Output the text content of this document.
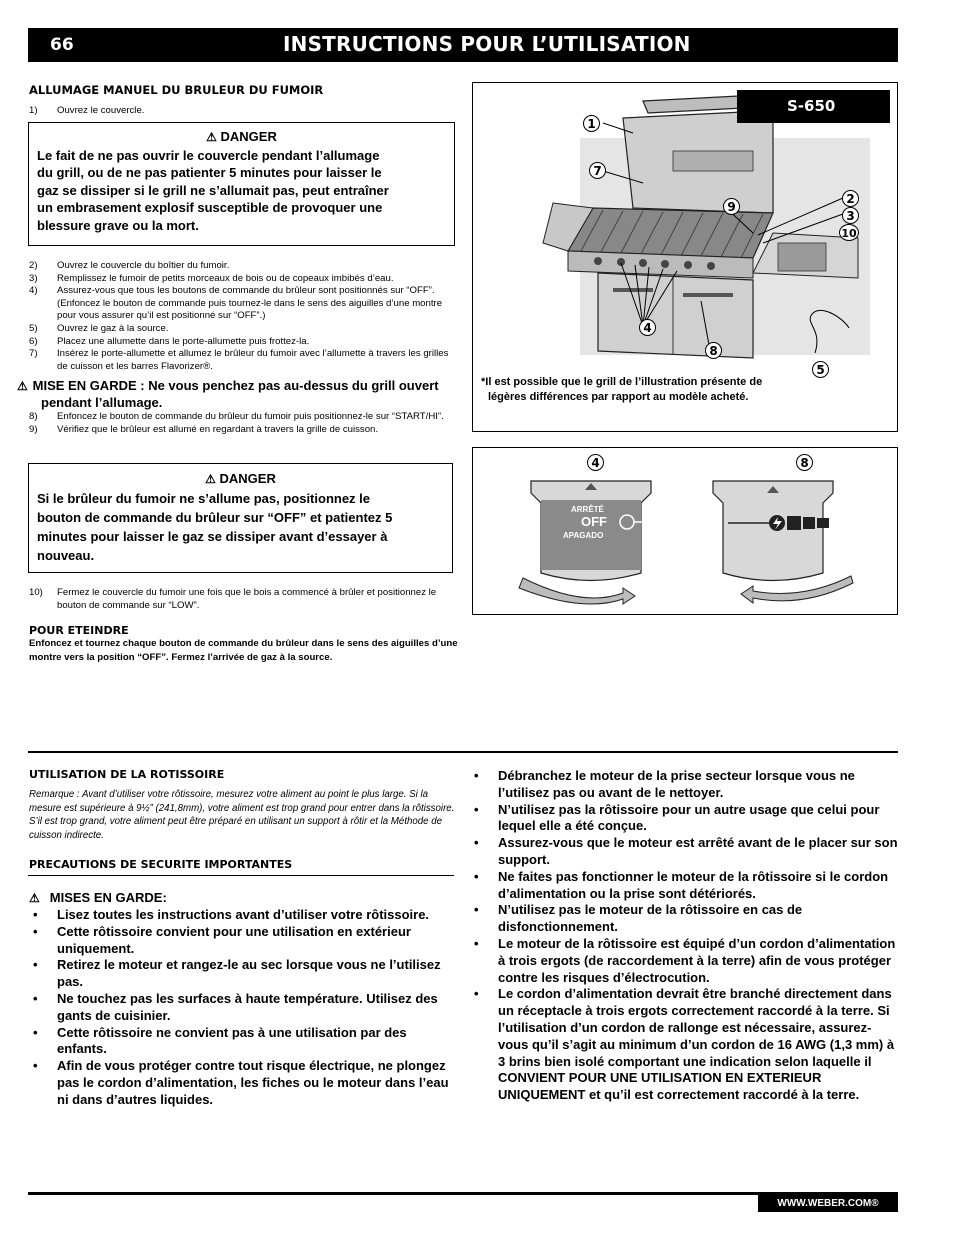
66	INSTRUCTIONS POUR L’UTILISATION
ALLUMAGE MANUEL DU BRULEUR DU FUMOIR
1) Ouvrez le couvercle.
⚠ DANGER
Le fait de ne pas ouvrir le couvercle pendant l’allumage
du grill, ou de ne pas patienter 5 minutes pour laisser le
gaz se dissiper si le grill ne s’allumait pas, peut entraîner
un embrasement explosif susceptible de provoquer une
blessure grave ou la mort.
2) Ouvrez le couvercle du boîtier du fumoir.
3) Remplissez le fumoir de petits morceaux de bois ou de copeaux imbibés d’eau.
4) Assurez-vous que tous les boutons de commande du brûleur sont positionnés sur “OFF”. (Enfoncez le bouton de commande puis tournez-le dans le sens des aiguilles d’une montre pour vous assurer qu’il est positionné sur “OFF”.)
5) Ouvrez le gaz à la source.
6) Placez une allumette dans le porte-allumette puis frottez-la.
7) Insérez le porte-allumette et allumez le brûleur du fumoir avec l’allumette à travers les grilles de cuisson et les barres Flavorizer®.
⚠ MISE EN GARDE : Ne vous penchez pas au-dessus du grill ouvert pendant l’allumage.
8) Enfoncez le bouton de commande du brûleur du fumoir puis positionnez-le sur “START/HI”.
9) Vérifiez que le brûleur est allumé en regardant à travers la grille de cuisson.
⚠ DANGER
Si le brûleur du fumoir ne s’allume pas, positionnez le
bouton de commande du brûleur sur “OFF” et patientez 5
minutes pour laisser le gaz se dissiper avant d’essayer à
nouveau.
10) Fermez le couvercle du fumoir une fois que le bois a commencé à brûler et positionnez le bouton de commande sur “LOW”.
POUR ETEINDRE
Enfoncez et tournez chaque bouton de commande du brûleur dans le sens des aiguilles d’une montre vers la position “OFF”. Fermez l’arrivée de gaz à la source.
S-650
1
7
9
2
3
10
4
8
5
*Il est possible que le grill de l’illustration présente de légères différences par rapport au modèle acheté.
4	8
ARRÊTÉ
OFF
APAGADO
UTILISATION DE LA ROTISSOIRE
Remarque : Avant d’utiliser votre rôtissoire, mesurez votre aliment au point le plus large. Si la mesure est supérieure à 9½” (241,8mm), votre aliment est trop grand pour entrer dans la rôtissoire. S’il est trop grand, votre aliment peut être préparé en utilisant un support à rôtir et la Méthode de cuisson indirecte.
PRECAUTIONS DE SECURITE IMPORTANTES
⚠ MISES EN GARDE:
• Lisez toutes les instructions avant d’utiliser votre rôtissoire.
• Cette rôtissoire convient pour une utilisation en extérieur uniquement.
• Retirez le moteur et rangez-le au sec lorsque vous ne l’utilisez pas.
• Ne touchez pas les surfaces à haute température. Utilisez des gants de cuisinier.
• Cette rôtissoire ne convient pas à une utilisation par des enfants.
• Afin de vous protéger contre tout risque électrique, ne plongez pas le cordon d’alimentation, les fiches ou le moteur dans l’eau ni dans d’autres liquides.
• Débranchez le moteur de la prise secteur lorsque vous ne l’utilisez pas ou avant de le nettoyer.
• N’utilisez pas la rôtissoire pour un autre usage que celui pour lequel elle a été conçue.
• Assurez-vous que le moteur est arrêté avant de le placer sur son support.
• Ne faites pas fonctionner le moteur de la rôtissoire si le cordon d’alimentation ou la prise sont détériorés.
• N’utilisez pas le moteur de la rôtissoire en cas de disfonctionnement.
• Le moteur de la rôtissoire est équipé d’un cordon d’alimentation à trois ergots (de raccordement à la terre) afin de vous protéger contre les risques d’électrocution.
• Le cordon d’alimentation devrait être branché directement dans un réceptacle à trois ergots correctement raccordé à la terre. Si l’utilisation d’un cordon de rallonge est nécessaire, assurez-vous qu’il s’agit au minimum d’un cordon de 16 AWG (1,3 mm) à 3 brins bien isolé comportant une indication selon laquelle il CONVIENT POUR UNE UTILISATION EN EXTERIEUR UNIQUEMENT et qu’il est correctement raccordé à la terre.
WWW.WEBER.COM®
